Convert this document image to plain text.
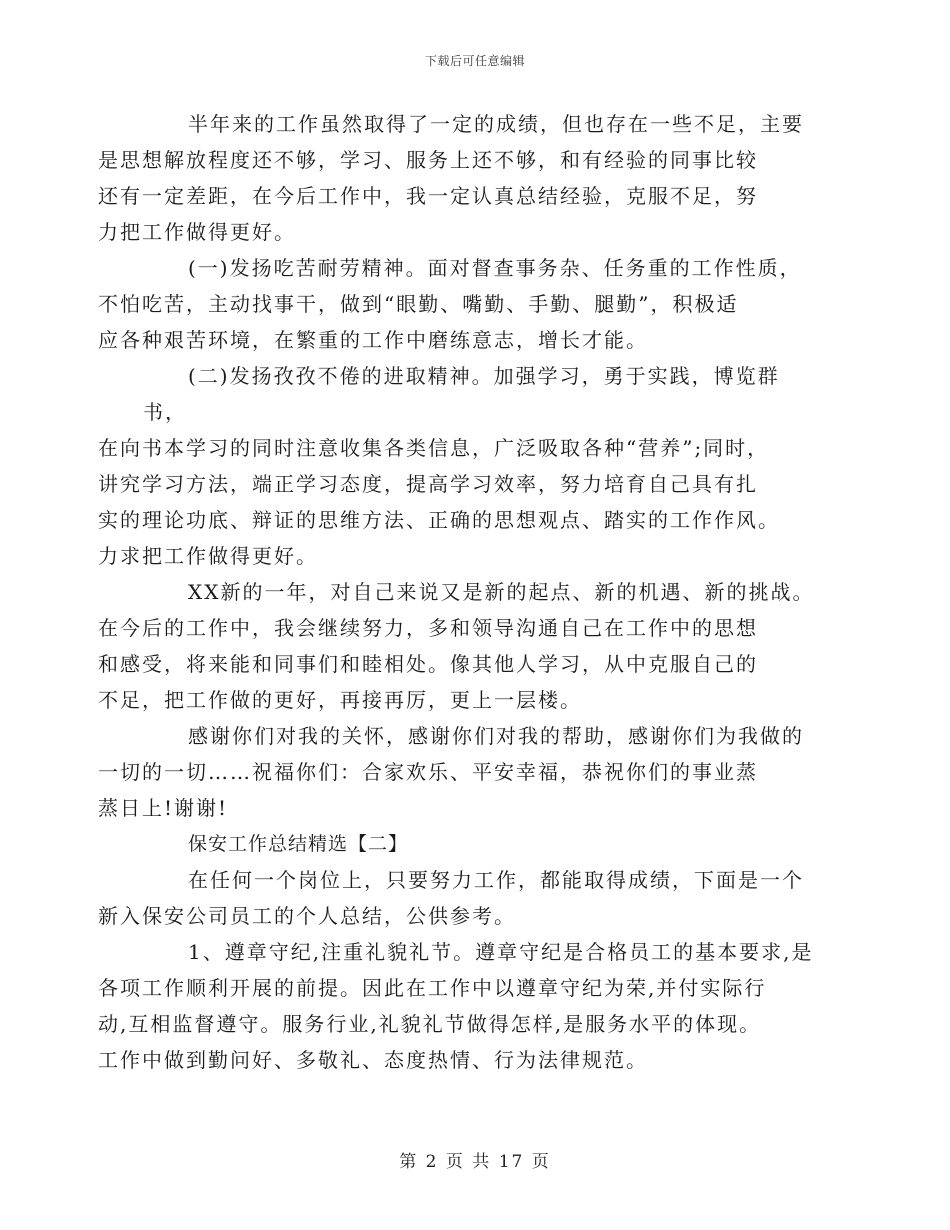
下载后可任意编辑

半年来的工作虽然取得了一定的成绩，但也存在一些不足，主要
是思想解放程度还不够，学习、服务上还不够，和有经验的同事比较
还有一定差距，在今后工作中，我一定认真总结经验，克服不足，努
力把工作做得更好。

(一)发扬吃苦耐劳精神。面对督查事务杂、任务重的工作性质，
不怕吃苦，主动找事干，做到“眼勤、嘴勤、手勤、腿勤”，积极适
应各种艰苦环境，在繁重的工作中磨练意志，增长才能。

(二)发扬孜孜不倦的进取精神。加强学习，勇于实践，博览群书，
在向书本学习的同时注意收集各类信息，广泛吸取各种“营养”;同时，
讲究学习方法，端正学习态度，提高学习效率，努力培育自己具有扎
实的理论功底、辩证的思维方法、正确的思想观点、踏实的工作作风。
力求把工作做得更好。

XX新的一年，对自己来说又是新的起点、新的机遇、新的挑战。
在今后的工作中，我会继续努力，多和领导沟通自己在工作中的思想
和感受，将来能和同事们和睦相处。像其他人学习，从中克服自己的
不足，把工作做的更好，再接再厉，更上一层楼。

感谢你们对我的关怀，感谢你们对我的帮助，感谢你们为我做的
一切的一切……祝福你们：合家欢乐、平安幸福，恭祝你们的事业蒸
蒸日上!谢谢!

保安工作总结精选【二】

在任何一个岗位上，只要努力工作，都能取得成绩，下面是一个
新入保安公司员工的个人总结，公供参考。

1、遵章守纪,注重礼貌礼节。遵章守纪是合格员工的基本要求,是
各项工作顺利开展的前提。因此在工作中以遵章守纪为荣,并付实际行
动,互相监督遵守。服务行业,礼貌礼节做得怎样,是服务水平的体现。
工作中做到勤问好、多敬礼、态度热情、行为法律规范。

第 2 页 共 17 页
